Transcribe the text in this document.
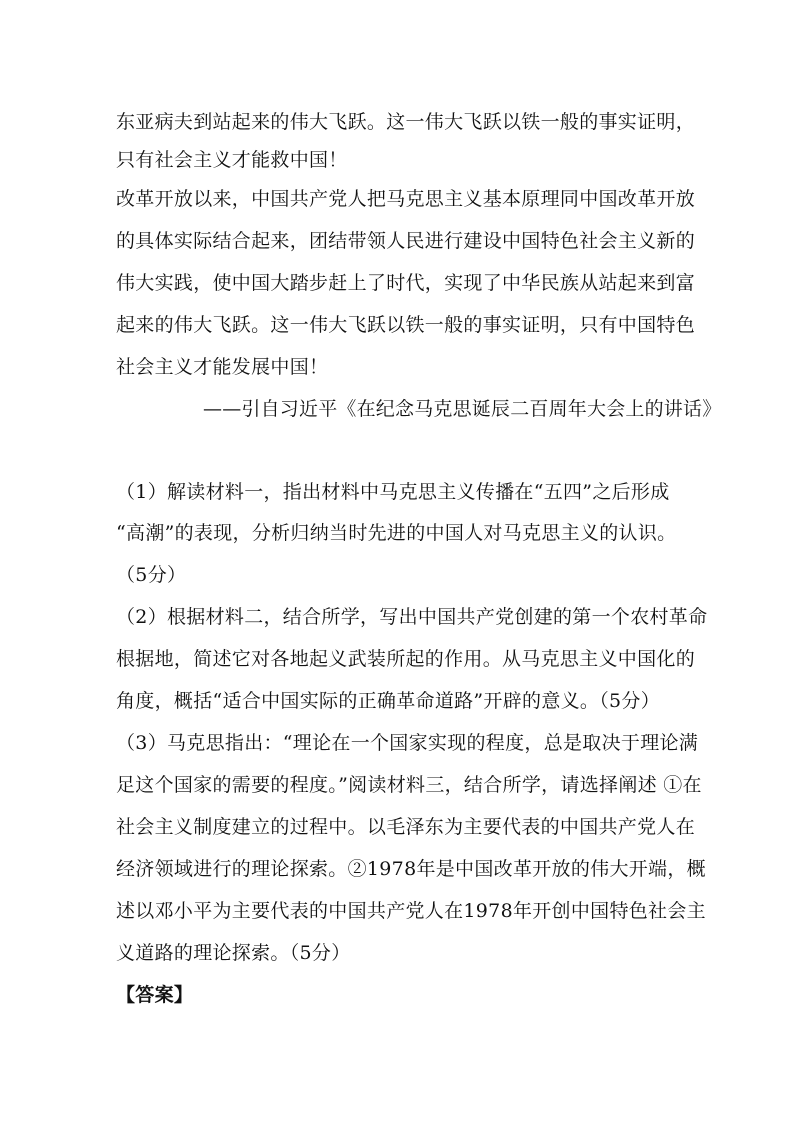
东亚病夫到站起来的伟大飞跃。这一伟大飞跃以铁一般的事实证明，
只有社会主义才能救中国！
改革开放以来，中国共产党人把马克思主义基本原理同中国改革开放
的具体实际结合起来，团结带领人民进行建设中国特色社会主义新的
伟大实践，使中国大踏步赶上了时代，实现了中华民族从站起来到富
起来的伟大飞跃。这一伟大飞跃以铁一般的事实证明，只有中国特色
社会主义才能发展中国！
——引自习近平《在纪念马克思诞辰二百周年大会上的讲话》
（1）解读材料一，指出材料中马克思主义传播在“五四”之后形成
“高潮”的表现，分析归纳当时先进的中国人对马克思主义的认识。
（5分）
（2）根据材料二，结合所学，写出中国共产党创建的第一个农村革命
根据地，简述它对各地起义武装所起的作用。从马克思主义中国化的
角度，概括“适合中国实际的正确革命道路”开辟的意义。（5分）
（3）马克思指出：“理论在一个国家实现的程度，总是取决于理论满
足这个国家的需要的程度。”阅读材料三，结合所学，请选择阐述 ①在
社会主义制度建立的过程中。以毛泽东为主要代表的中国共产党人在
经济领域进行的理论探索。②1978年是中国改革开放的伟大开端，概
述以邓小平为主要代表的中国共产党人在1978年开创中国特色社会主
义道路的理论探索。（5分）
【答案】
